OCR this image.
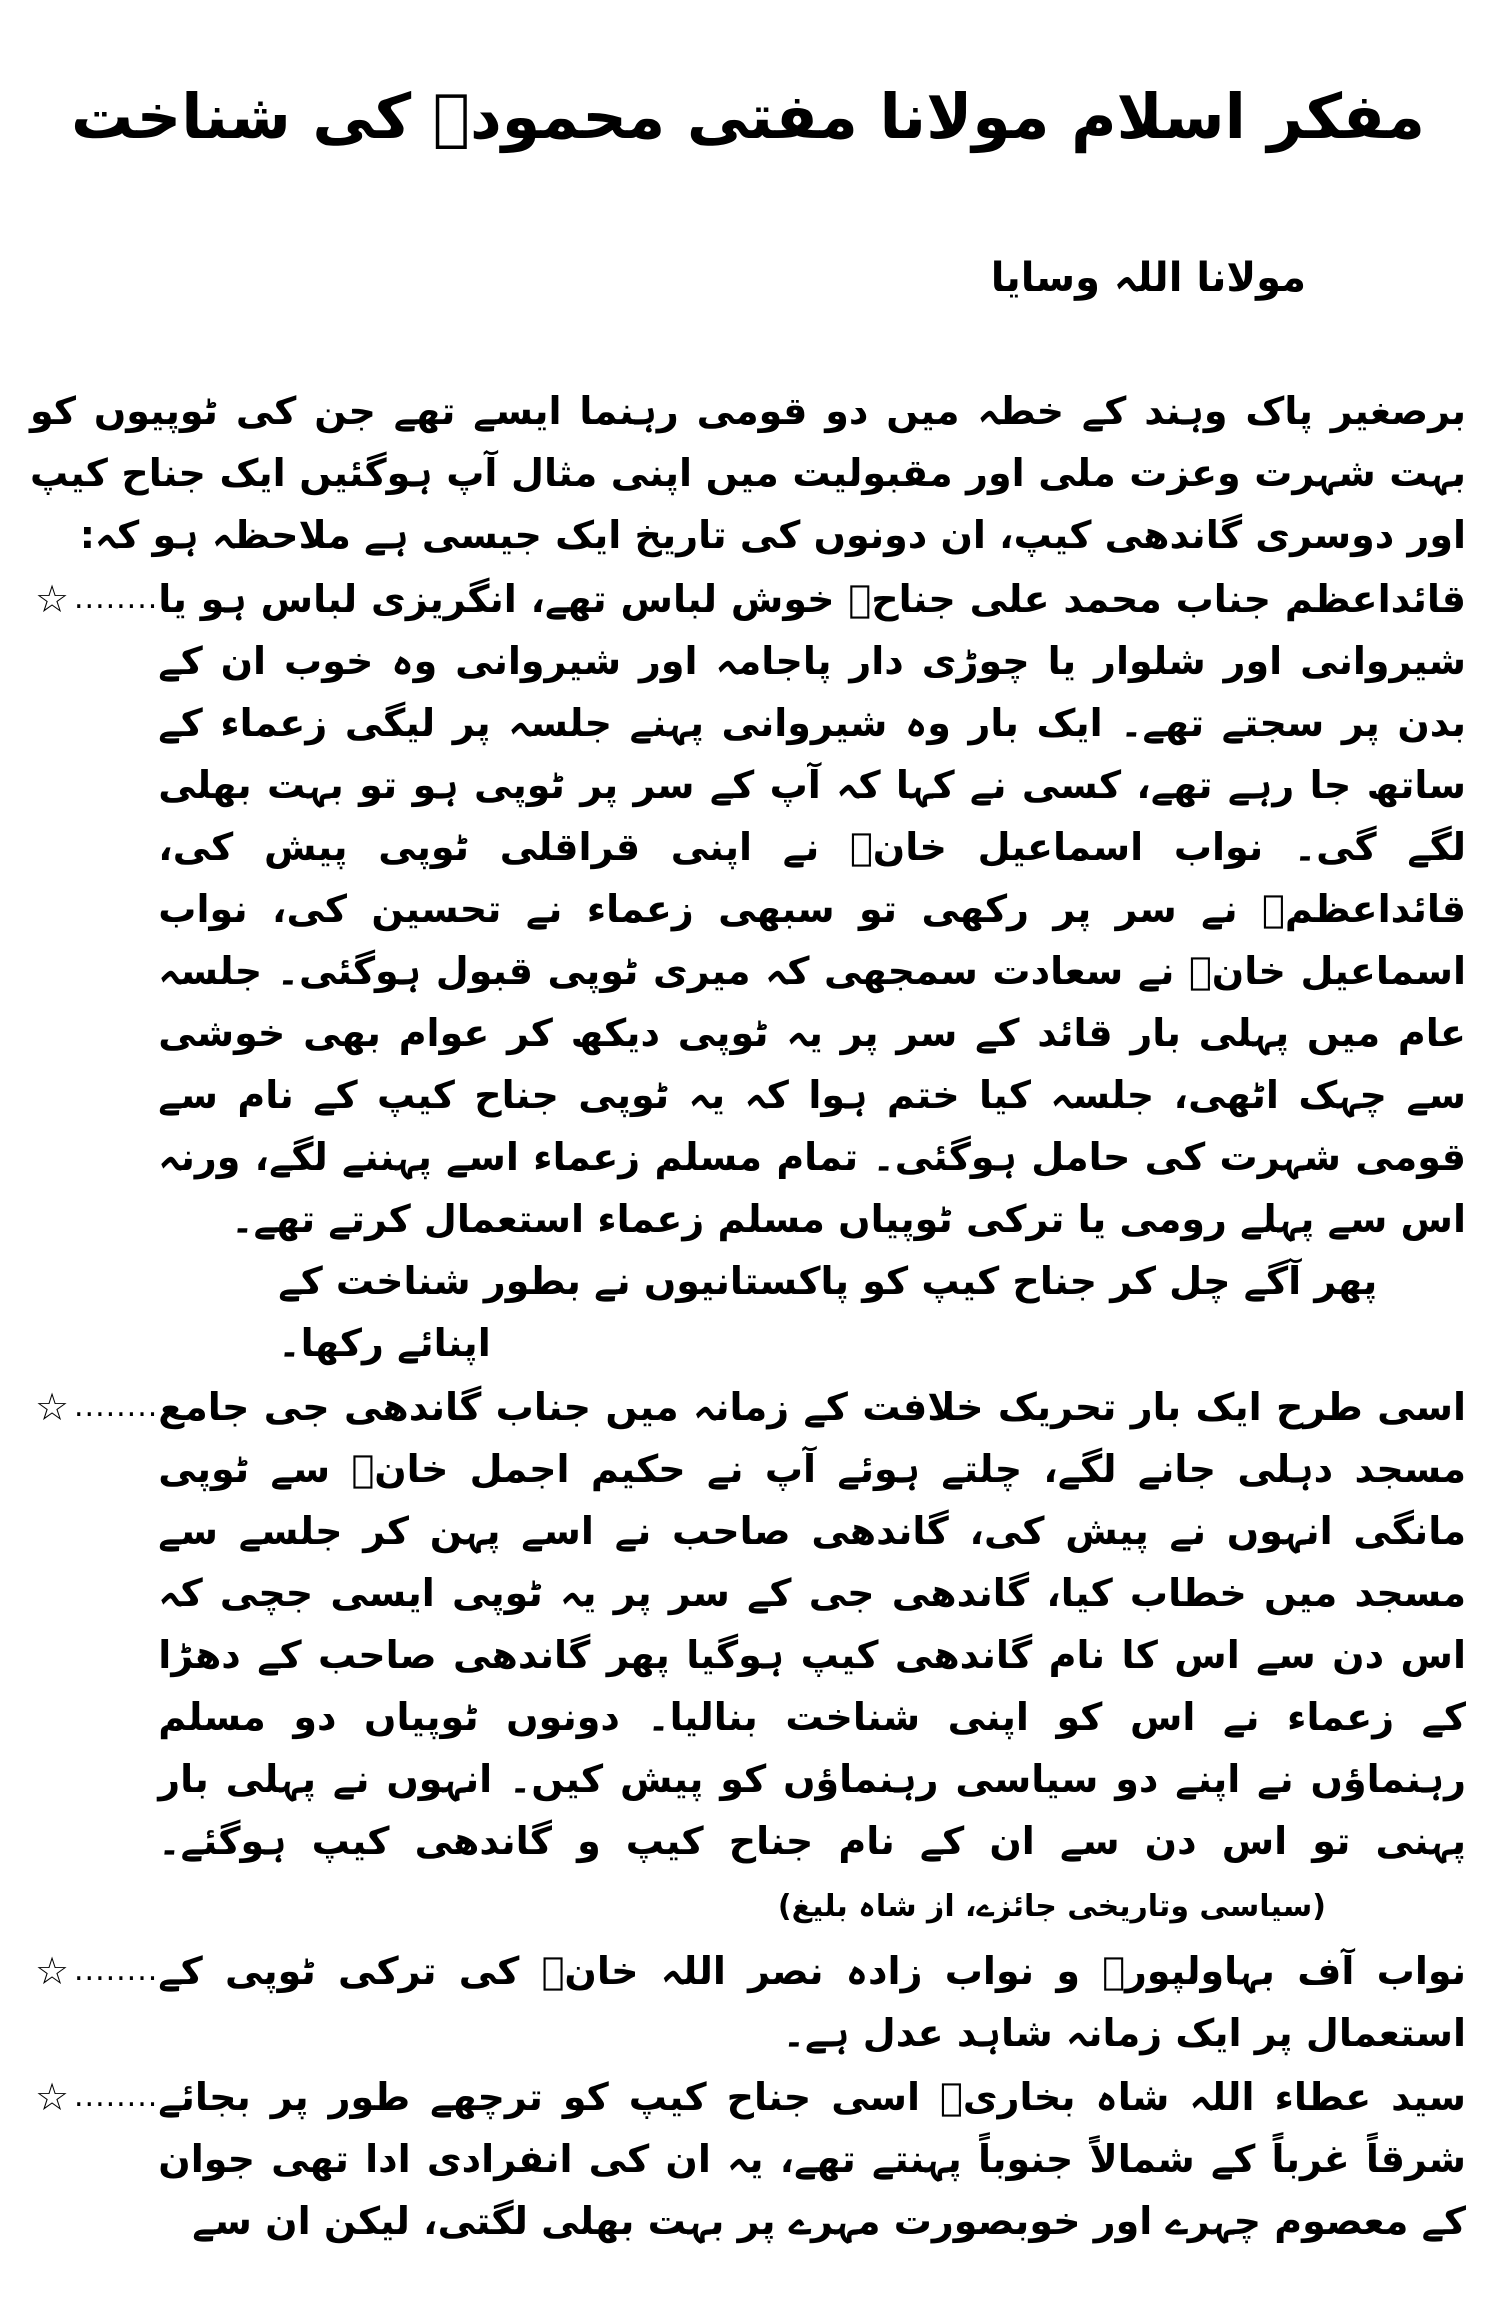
مفکر اسلام مولانا مفتی محمودؒ کی شناخت
مولانا اللہ وسایا

برصغیر پاک وہند کے خطہ میں دو قومی رہنما ایسے تھے جن کی ٹوپیوں کو بہت شہرت وعزت ملی اور مقبولیت میں اپنی مثال آپ ہوگئیں ایک جناح کیپ اور دوسری گاندھی کیپ، ان دونوں کی تاریخ ایک جیسی ہے ملاحظہ ہو کہ:

☆ ........ قائداعظم جناب محمد علی جناحؒ خوش لباس تھے، انگریزی لباس ہو یا شیروانی اور شلوار یا چوڑی دار پاجامہ اور شیروانی وہ خوب ان کے بدن پر سجتے تھے۔ ایک بار وہ شیروانی پہنے جلسہ پر لیگی زعماء کے ساتھ جا رہے تھے، کسی نے کہا کہ آپ کے سر پر ٹوپی ہو تو بہت بھلی لگے گی۔ نواب اسماعیل خانؒ نے اپنی قراقلی ٹوپی پیش کی، قائداعظمؒ نے سر پر رکھی تو سبھی زعماء نے تحسین کی، نواب اسماعیل خانؒ نے سعادت سمجھی کہ میری ٹوپی قبول ہوگئی۔ جلسہ عام میں پہلی بار قائد کے سر پر یہ ٹوپی دیکھ کر عوام بھی خوشی سے چہک اٹھی، جلسہ کیا ختم ہوا کہ یہ ٹوپی جناح کیپ کے نام سے قومی شہرت کی حامل ہوگئی۔ تمام مسلم زعماء اسے پہننے لگے، ورنہ اس سے پہلے رومی یا ترکی ٹوپیاں مسلم زعماء استعمال کرتے تھے۔
پھر آگے چل کر جناح کیپ کو پاکستانیوں نے بطور شناخت کے اپنائے رکھا۔
☆ ........ اسی طرح ایک بار تحریک خلافت کے زمانہ میں جناب گاندھی جی جامع مسجد دہلی جانے لگے، چلتے ہوئے آپ نے حکیم اجمل خانؒ سے ٹوپی مانگی انہوں نے پیش کی، گاندھی صاحب نے اسے پہن کر جلسے سے مسجد میں خطاب کیا، گاندھی جی کے سر پر یہ ٹوپی ایسی جچی کہ اس دن سے اس کا نام گاندھی کیپ ہوگیا پھر گاندھی صاحب کے دھڑا کے زعماء نے اس کو اپنی شناخت بنالیا۔ دونوں ٹوپیاں دو مسلم رہنماؤں نے اپنے دو سیاسی رہنماؤں کو پیش کیں۔ انہوں نے پہلی بار پہنی تو اس دن سے ان کے نام جناح کیپ و گاندھی کیپ ہوگئے۔ (سیاسی وتاریخی جائزے، از شاہ بلیغ)
☆ ........ نواب آف بہاولپورؒ و نواب زادہ نصر اللہ خانؒ کی ترکی ٹوپی کے استعمال پر ایک زمانہ شاہد عدل ہے۔
☆ ........ سید عطاء اللہ شاہ بخاریؒ اسی جناح کیپ کو ترچھے طور پر بجائے شرقاً غرباً کے شمالاً جنوباً پہنتے تھے، یہ ان کی انفرادی ادا تھی جوان کے معصوم چہرے اور خوبصورت مہرے پر بہت بھلی لگتی، لیکن ان سے
